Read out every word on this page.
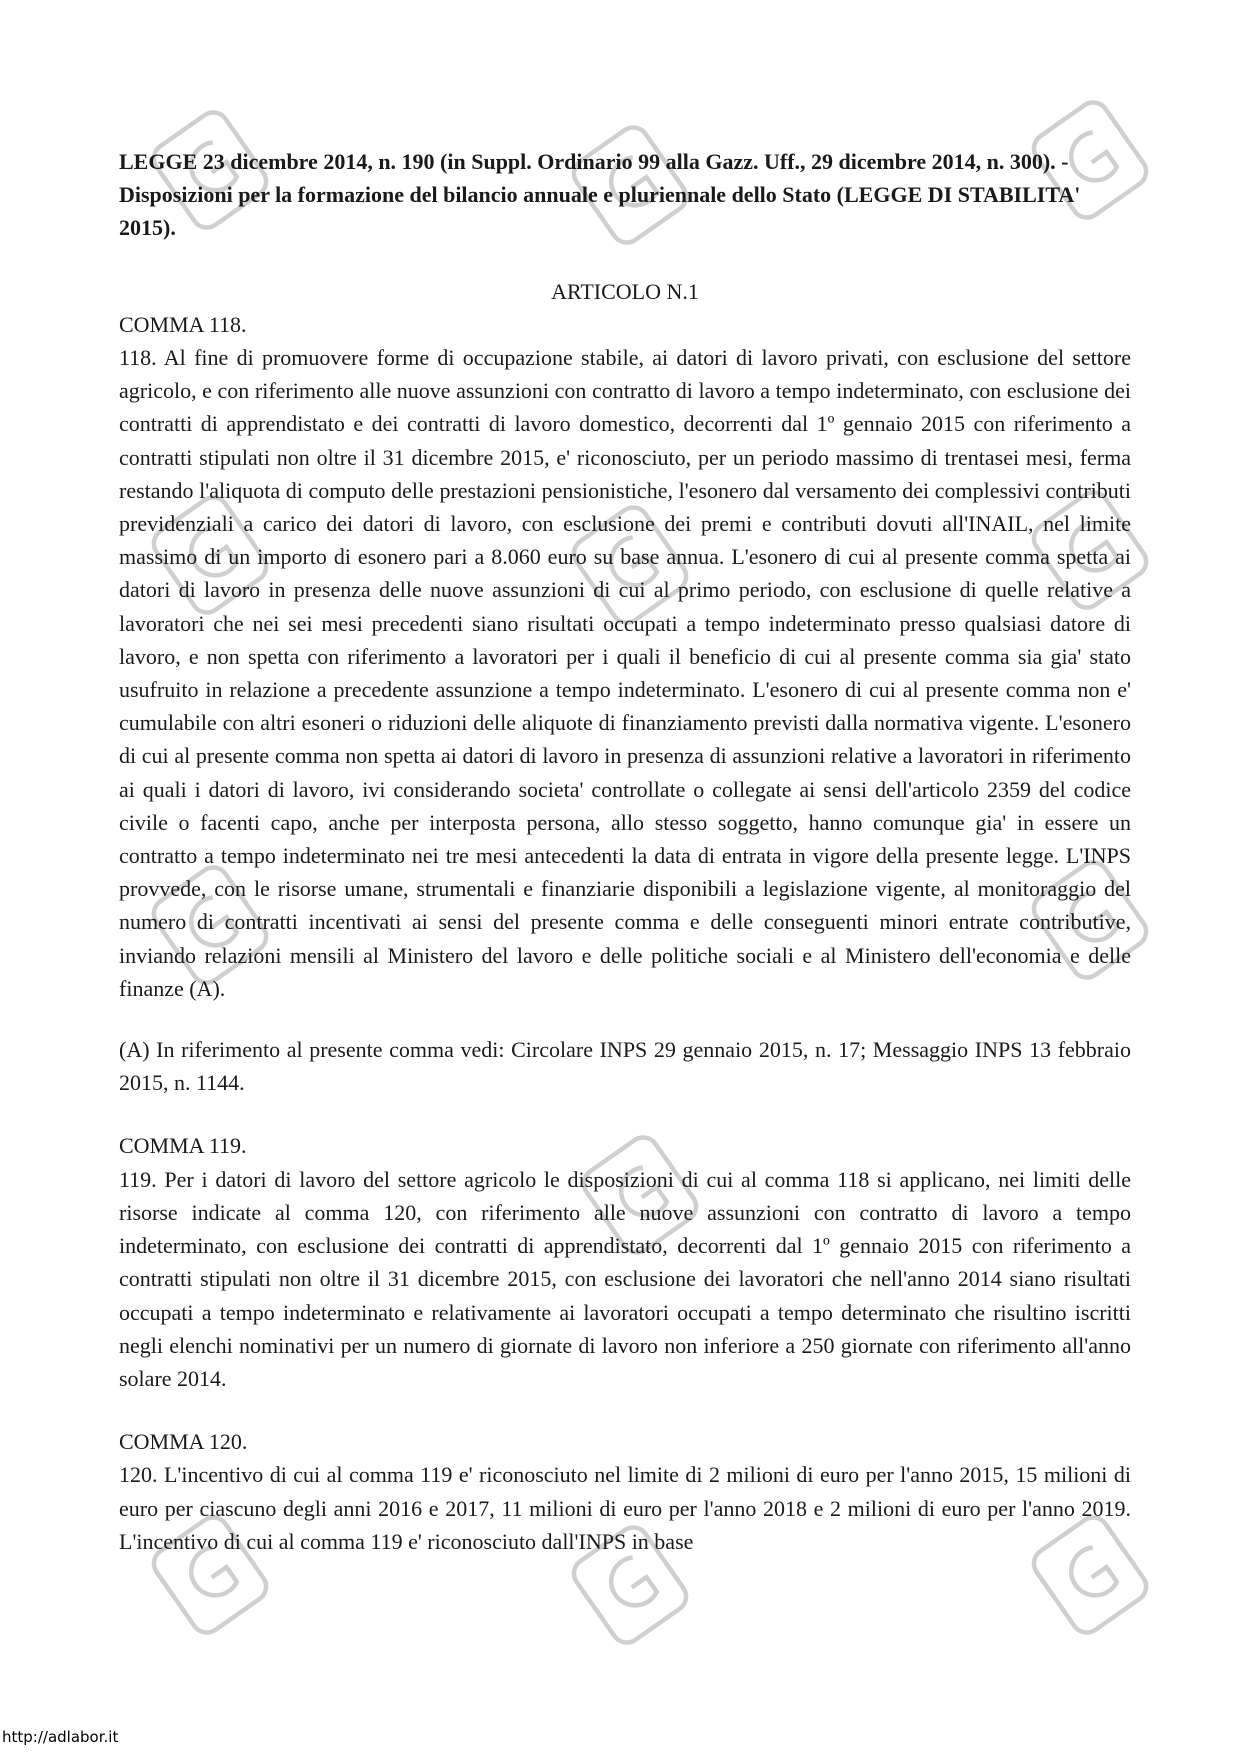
LEGGE 23 dicembre 2014, n. 190 (in Suppl. Ordinario 99 alla Gazz. Uff., 29 dicembre 2014, n. 300). - Disposizioni per la formazione del bilancio annuale e pluriennale dello Stato (LEGGE DI STABILITA' 2015).

ARTICOLO N.1

COMMA 118.

118. Al fine di promuovere forme di occupazione stabile, ai datori di lavoro privati, con esclusione del settore agricolo, e con riferimento alle nuove assunzioni con contratto di lavoro a tempo indeterminato, con esclusione dei contratti di apprendistato e dei contratti di lavoro domestico, decorrenti dal 1º gennaio 2015 con riferimento a contratti stipulati non oltre il 31 dicembre 2015, e' riconosciuto, per un periodo massimo di trentasei mesi, ferma restando l'aliquota di computo delle prestazioni pensionistiche, l'esonero dal versamento dei complessivi contributi previdenziali a carico dei datori di lavoro, con esclusione dei premi e contributi dovuti all'INAIL, nel limite massimo di un importo di esonero pari a 8.060 euro su base annua. L'esonero di cui al presente comma spetta ai datori di lavoro in presenza delle nuove assunzioni di cui al primo periodo, con esclusione di quelle relative a lavoratori che nei sei mesi precedenti siano risultati occupati a tempo indeterminato presso qualsiasi datore di lavoro, e non spetta con riferimento a lavoratori per i quali il beneficio di cui al presente comma sia gia' stato usufruito in relazione a precedente assunzione a tempo indeterminato. L'esonero di cui al presente comma non e' cumulabile con altri esoneri o riduzioni delle aliquote di finanziamento previsti dalla normativa vigente. L'esonero di cui al presente comma non spetta ai datori di lavoro in presenza di assunzioni relative a lavoratori in riferimento ai quali i datori di lavoro, ivi considerando societa' controllate o collegate ai sensi dell'articolo 2359 del codice civile o facenti capo, anche per interposta persona, allo stesso soggetto, hanno comunque gia' in essere un contratto a tempo indeterminato nei tre mesi antecedenti la data di entrata in vigore della presente legge. L'INPS provvede, con le risorse umane, strumentali e finanziarie disponibili a legislazione vigente, al monitoraggio del numero di contratti incentivati ai sensi del presente comma e delle conseguenti minori entrate contributive, inviando relazioni mensili al Ministero del lavoro e delle politiche sociali e al Ministero dell'economia e delle finanze (A).

(A) In riferimento al presente comma vedi: Circolare INPS 29 gennaio 2015, n. 17; Messaggio INPS 13 febbraio 2015, n. 1144.

COMMA 119.

119. Per i datori di lavoro del settore agricolo le disposizioni di cui al comma 118 si applicano, nei limiti delle risorse indicate al comma 120, con riferimento alle nuove assunzioni con contratto di lavoro a tempo indeterminato, con esclusione dei contratti di apprendistato, decorrenti dal 1º gennaio 2015 con riferimento a contratti stipulati non oltre il 31 dicembre 2015, con esclusione dei lavoratori che nell'anno 2014 siano risultati occupati a tempo indeterminato e relativamente ai lavoratori occupati a tempo determinato che risultino iscritti negli elenchi nominativi per un numero di giornate di lavoro non inferiore a 250 giornate con riferimento all'anno solare 2014.

COMMA 120.

120. L'incentivo di cui al comma 119 e' riconosciuto nel limite di 2 milioni di euro per l'anno 2015, 15 milioni di euro per ciascuno degli anni 2016 e 2017, 11 milioni di euro per l'anno 2018 e 2 milioni di euro per l'anno 2019. L'incentivo di cui al comma 119 e' riconosciuto dall'INPS in base

http://adlabor.it
